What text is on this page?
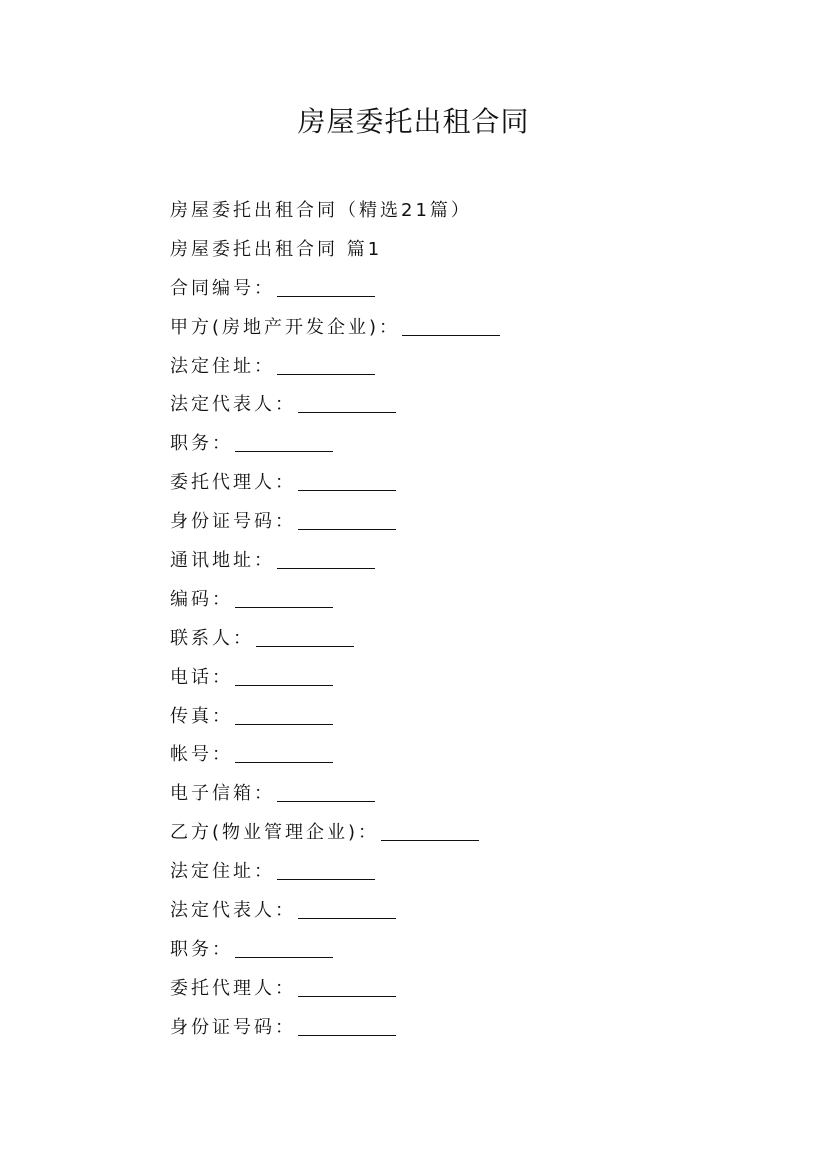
房屋委托出租合同
房屋委托出租合同（精选21篇）
房屋委托出租合同 篇1
合同编号：
甲方(房地产开发企业)：
法定住址：
法定代表人：
职务：
委托代理人：
身份证号码：
通讯地址：
编码：
联系人：
电话：
传真：
帐号：
电子信箱：
乙方(物业管理企业)：
法定住址：
法定代表人：
职务：
委托代理人：
身份证号码：
